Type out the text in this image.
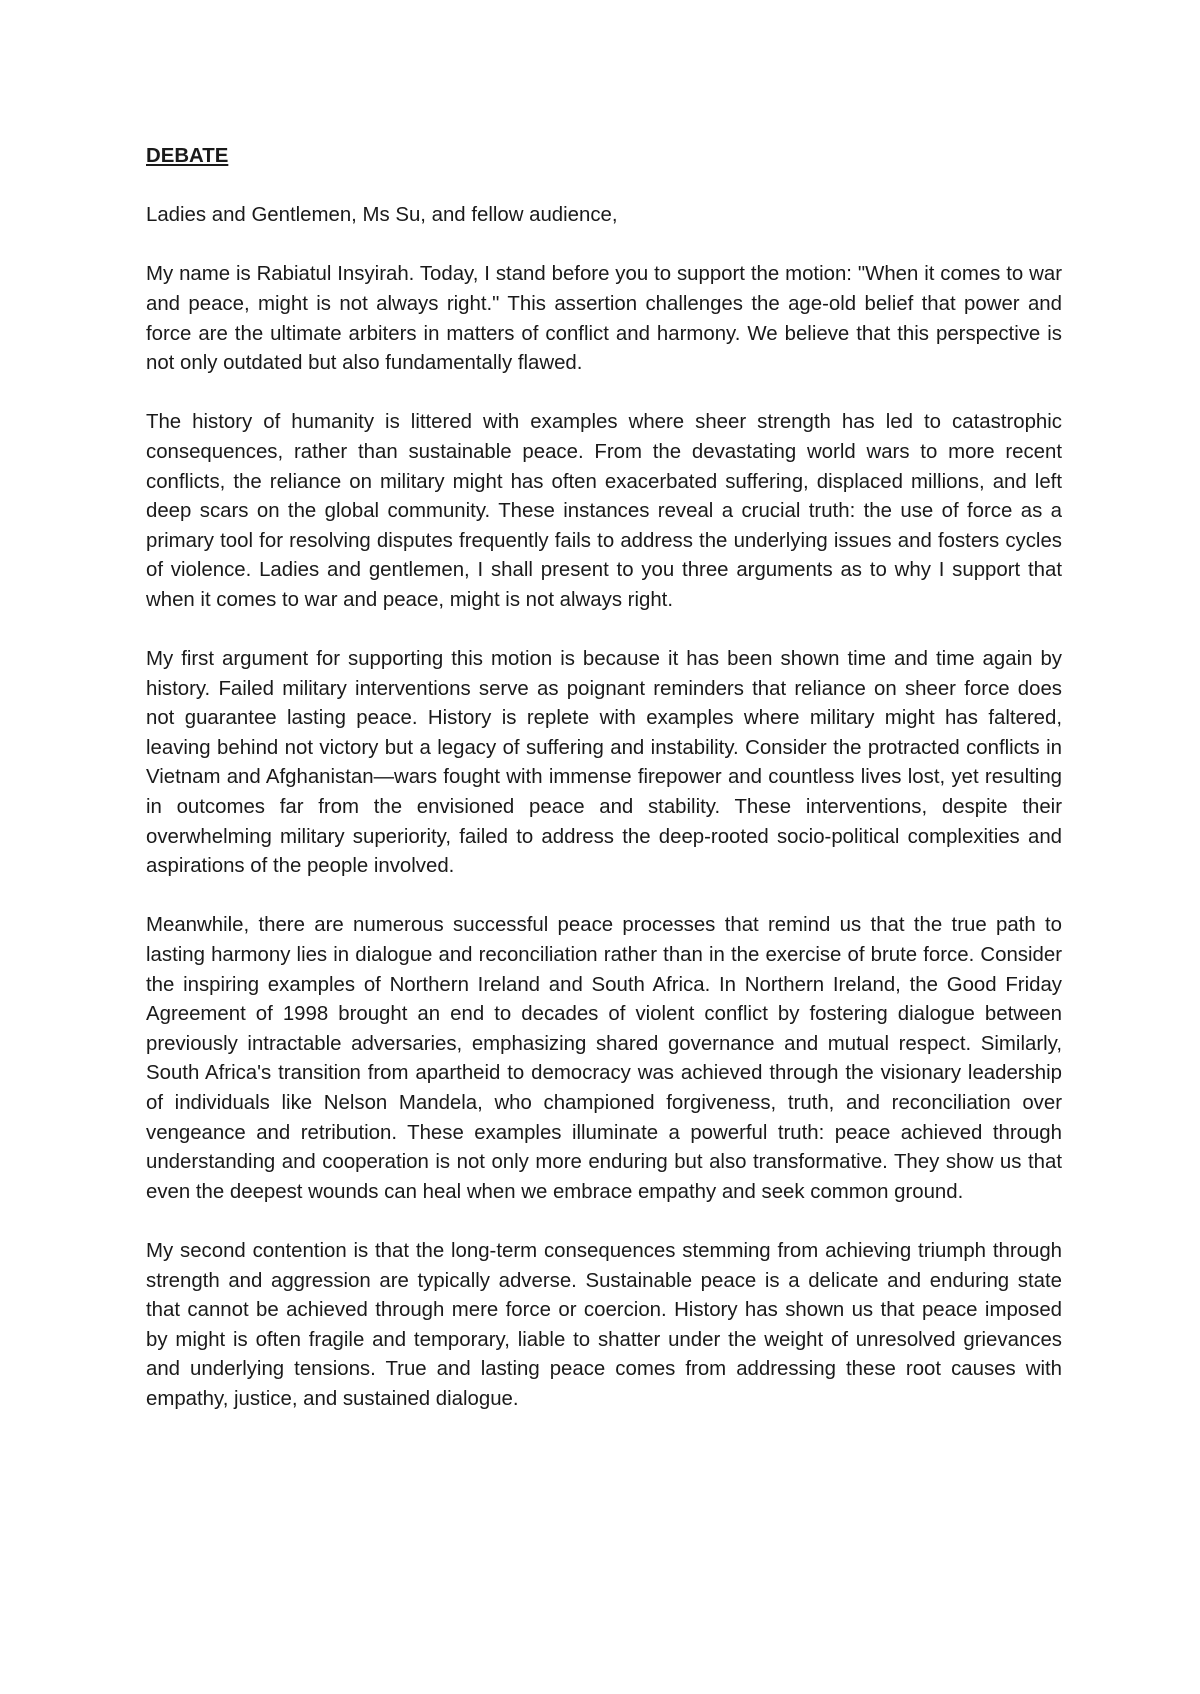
DEBATE

Ladies and Gentlemen, Ms Su, and fellow audience,

My name is Rabiatul Insyirah. Today, I stand before you to support the motion: "When it comes to war and peace, might is not always right." This assertion challenges the age-old belief that power and force are the ultimate arbiters in matters of conflict and harmony. We believe that this perspective is not only outdated but also fundamentally flawed.

The history of humanity is littered with examples where sheer strength has led to catastrophic consequences, rather than sustainable peace. From the devastating world wars to more recent conflicts, the reliance on military might has often exacerbated suffering, displaced millions, and left deep scars on the global community. These instances reveal a crucial truth: the use of force as a primary tool for resolving disputes frequently fails to address the underlying issues and fosters cycles of violence. Ladies and gentlemen, I shall present to you three arguments as to why I support that when it comes to war and peace, might is not always right.

My first argument for supporting this motion is because it has been shown time and time again by history. Failed military interventions serve as poignant reminders that reliance on sheer force does not guarantee lasting peace. History is replete with examples where military might has faltered, leaving behind not victory but a legacy of suffering and instability. Consider the protracted conflicts in Vietnam and Afghanistan—wars fought with immense firepower and countless lives lost, yet resulting in outcomes far from the envisioned peace and stability. These interventions, despite their overwhelming military superiority, failed to address the deep-rooted socio-political complexities and aspirations of the people involved.

Meanwhile, there are numerous successful peace processes that remind us that the true path to lasting harmony lies in dialogue and reconciliation rather than in the exercise of brute force. Consider the inspiring examples of Northern Ireland and South Africa. In Northern Ireland, the Good Friday Agreement of 1998 brought an end to decades of violent conflict by fostering dialogue between previously intractable adversaries, emphasizing shared governance and mutual respect. Similarly, South Africa's transition from apartheid to democracy was achieved through the visionary leadership of individuals like Nelson Mandela, who championed forgiveness, truth, and reconciliation over vengeance and retribution. These examples illuminate a powerful truth: peace achieved through understanding and cooperation is not only more enduring but also transformative. They show us that even the deepest wounds can heal when we embrace empathy and seek common ground.

My second contention is that the long-term consequences stemming from achieving triumph through strength and aggression are typically adverse. Sustainable peace is a delicate and enduring state that cannot be achieved through mere force or coercion. History has shown us that peace imposed by might is often fragile and temporary, liable to shatter under the weight of unresolved grievances and underlying tensions. True and lasting peace comes from addressing these root causes with empathy, justice, and sustained dialogue.
